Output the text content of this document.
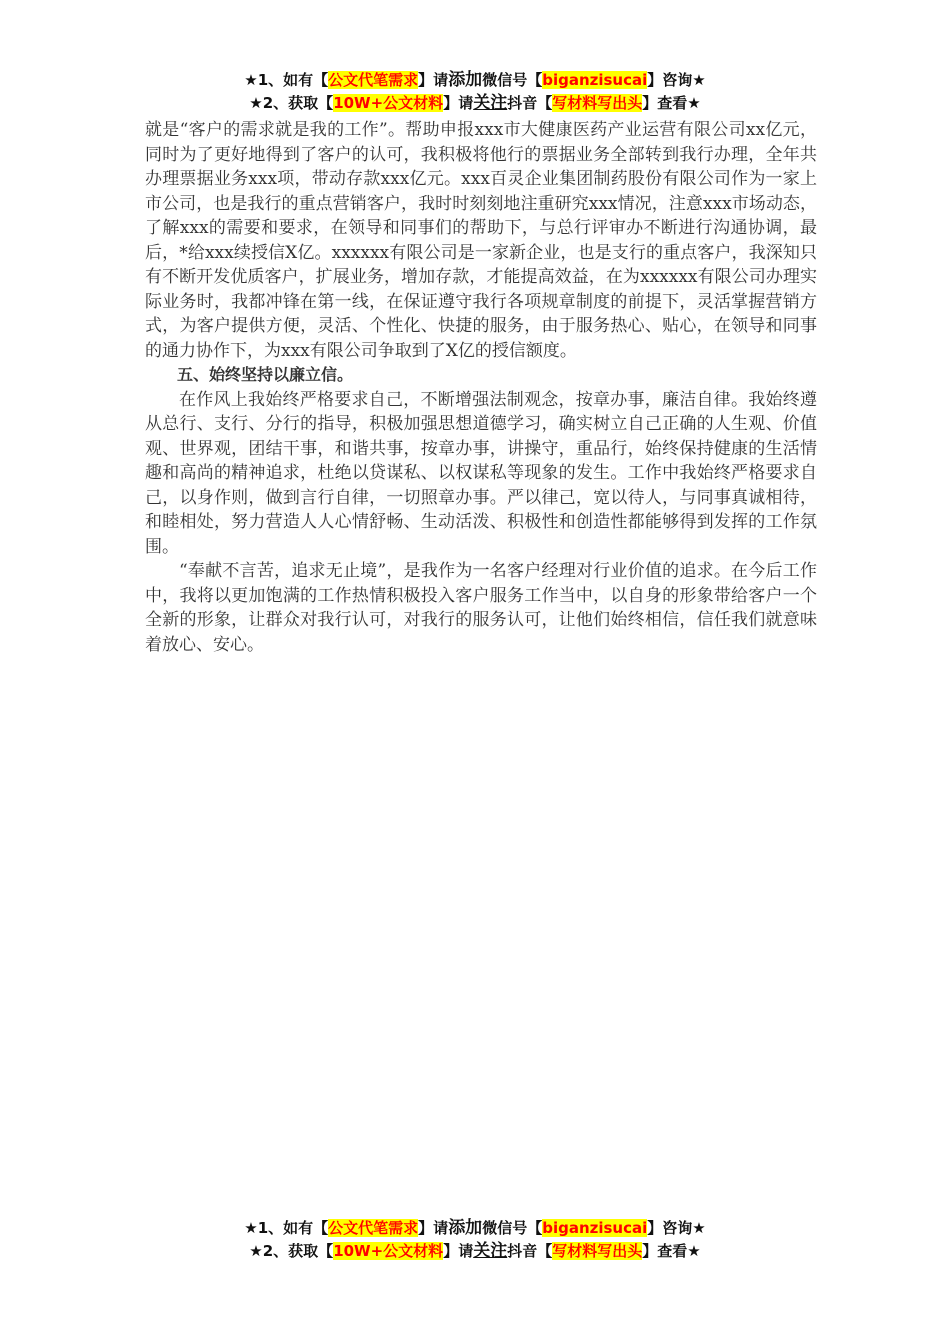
★1、如有【公文代笔需求】请添加微信号【biganzisucai】咨询★
★2、获取【10W+公文材料】请关注抖音【写材料写出头】查看★

就是“客户的需求就是我的工作”。帮助申报xxx市大健康医药产业运营有限公司xx亿元，同时为了更好地得到了客户的认可，我积极将他行的票据业务全部转到我行办理，全年共办理票据业务xxx项，带动存款xxx亿元。xxx百灵企业集团制药股份有限公司作为一家上市公司，也是我行的重点营销客户，我时时刻刻地注重研究xxx情况，注意xxx市场动态，了解xxx的需要和要求，在领导和同事们的帮助下，与总行评审办不断进行沟通协调，最后，*给xxx续授信X亿。xxxxxx有限公司是一家新企业，也是支行的重点客户，我深知只有不断开发优质客户，扩展业务，增加存款，才能提高效益，在为xxxxxx有限公司办理实际业务时，我都冲锋在第一线，在保证遵守我行各项规章制度的前提下，灵活掌握营销方式，为客户提供方便，灵活、个性化、快捷的服务，由于服务热心、贴心，在领导和同事的通力协作下，为xxx有限公司争取到了X亿的授信额度。

五、始终坚持以廉立信。

在作风上我始终严格要求自己，不断增强法制观念，按章办事，廉洁自律。我始终遵从总行、支行、分行的指导，积极加强思想道德学习，确实树立自己正确的人生观、价值观、世界观，团结干事，和谐共事，按章办事，讲操守，重品行，始终保持健康的生活情趣和高尚的精神追求，杜绝以贷谋私、以权谋私等现象的发生。工作中我始终严格要求自己，以身作则，做到言行自律，一切照章办事。严以律己，宽以待人，与同事真诚相待，和睦相处，努力营造人人心情舒畅、生动活泼、积极性和创造性都能够得到发挥的工作氛围。

“奉献不言苦，追求无止境”，是我作为一名客户经理对行业价值的追求。在今后工作中，我将以更加饱满的工作热情积极投入客户服务工作当中，以自身的形象带给客户一个全新的形象，让群众对我行认可，对我行的服务认可，让他们始终相信，信任我们就意味着放心、安心。

★1、如有【公文代笔需求】请添加微信号【biganzisucai】咨询★
★2、获取【10W+公文材料】请关注抖音【写材料写出头】查看★
